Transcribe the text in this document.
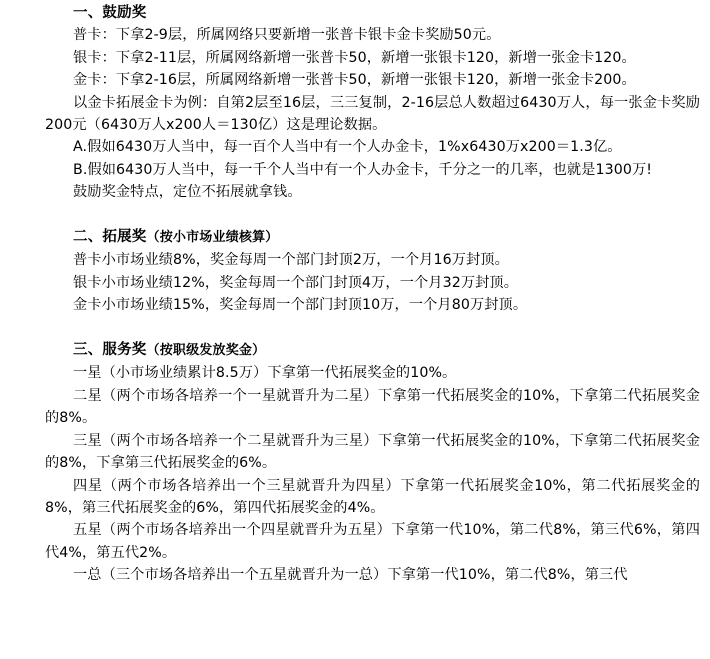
一、鼓励奖

普卡：下拿2-9层，所属网络只要新增一张普卡银卡金卡奖励50元。

银卡：下拿2-11层，所属网络新增一张普卡50，新增一张银卡120，新增一张金卡120。

金卡：下拿2-16层，所属网络新增一张普卡50，新增一张银卡120，新增一张金卡200。

以金卡拓展金卡为例：自第2层至16层，三三复制，2-16层总人数超过6430万人，每一张金卡奖励200元（6430万人x200人＝130亿）这是理论数据。

A.假如6430万人当中，每一百个人当中有一个人办金卡，1%x6430万x200＝1.3亿。

B.假如6430万人当中，每一千个人当中有一个人办金卡，千分之一的几率，也就是1300万!

鼓励奖金特点，定位不拓展就拿钱。

二、拓展奖（按小市场业绩核算）

普卡小市场业绩8%，奖金每周一个部门封顶2万，一个月16万封顶。

银卡小市场业绩12%，奖金每周一个部门封顶4万，一个月32万封顶。

金卡小市场业绩15%，奖金每周一个部门封顶10万，一个月80万封顶。

三、服务奖（按职级发放奖金）

一星（小市场业绩累计8.5万）下拿第一代拓展奖金的10%。

二星（两个市场各培养一个一星就晋升为二星）下拿第一代拓展奖金的10%，下拿第二代拓展奖金的8%。

三星（两个市场各培养一个二星就晋升为三星）下拿第一代拓展奖金的10%，下拿第二代拓展奖金的8%，下拿第三代拓展奖金的6%。

四星（两个市场各培养出一个三星就晋升为四星）下拿第一代拓展奖金10%，第二代拓展奖金的8%，第三代拓展奖金的6%，第四代拓展奖金的4%。

五星（两个市场各培养出一个四星就晋升为五星）下拿第一代10%，第二代8%，第三代6%，第四代4%，第五代2%。

一总（三个市场各培养出一个五星就晋升为一总）下拿第一代10%，第二代8%，第三代
